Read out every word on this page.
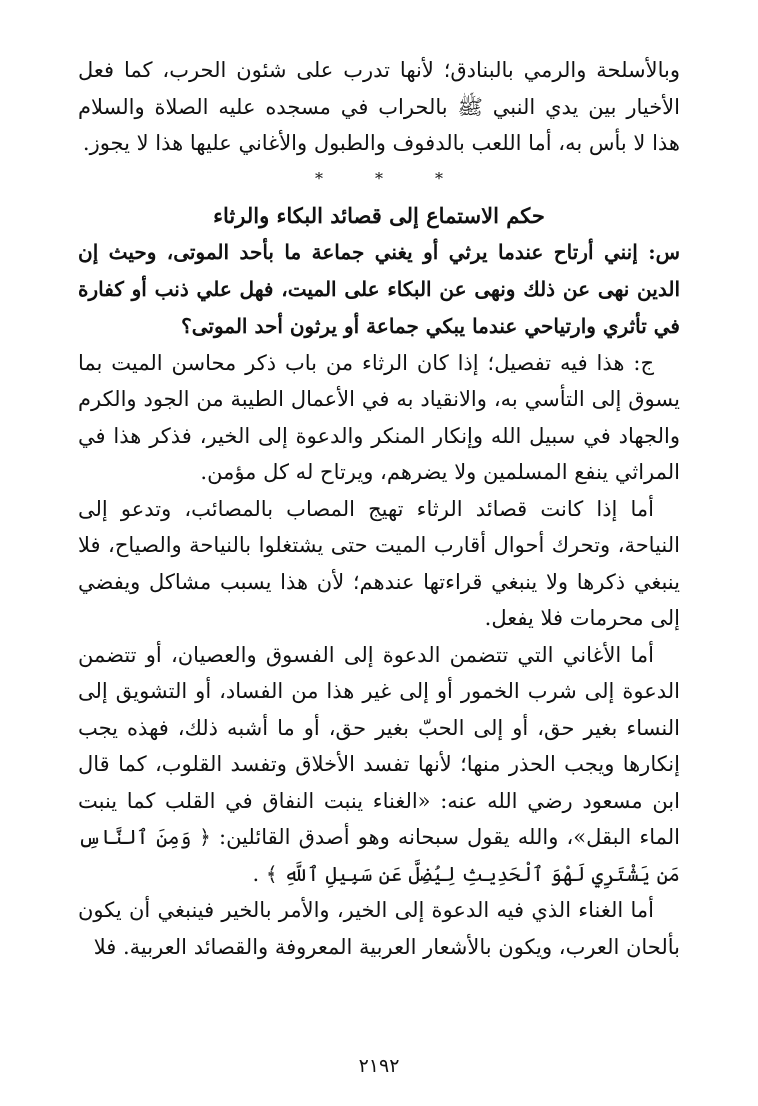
وبالأسلحة والرمي بالبنادق؛ لأنها تدرب على شئون الحرب، كما فعل الأخيار بين يدي النبي ﷺ بالحراب في مسجده عليه الصلاة والسلام هذا لا بأس به، أما اللعب بالدفوف والطبول والأغاني عليها هذا لا يجوز.

*	*	*
حكم الاستماع إلى قصائد البكاء والرثاء

س: إنني أرتاح عندما يرثي أو يغني جماعة ما بأحد الموتى، وحيث إن الدين نهى عن ذلك ونهى عن البكاء على الميت، فهل علي ذنب أو كفارة في تأثري وارتياحي عندما يبكي جماعة أو يرثون أحد الموتى؟

ج: هذا فيه تفصيل؛ إذا كان الرثاء من باب ذكر محاسن الميت بما يسوق إلى التأسي به، والانقياد به في الأعمال الطيبة من الجود والكرم والجهاد في سبيل الله وإنكار المنكر والدعوة إلى الخير، فذكر هذا في المراثي ينفع المسلمين ولا يضرهم، ويرتاح له كل مؤمن.

أما إذا كانت قصائد الرثاء تهيج المصاب بالمصائب، وتدعو إلى النياحة، وتحرك أحوال أقارب الميت حتى يشتغلوا بالنياحة والصياح، فلا ينبغي ذكرها ولا ينبغي قراءتها عندهم؛ لأن هذا يسبب مشاكل ويفضي إلى محرمات فلا يفعل.

أما الأغاني التي تتضمن الدعوة إلى الفسوق والعصيان، أو تتضمن الدعوة إلى شرب الخمور أو إلى غير هذا من الفساد، أو التشويق إلى النساء بغير حق، أو إلى الحبّ بغير حق، أو ما أشبه ذلك، فهذه يجب إنكارها ويجب الحذر منها؛ لأنها تفسد الأخلاق وتفسد القلوب، كما قال ابن مسعود رضي الله عنه: «الغناء ينبت النفاق في القلب كما ينبت الماء البقل»، والله يقول سبحانه وهو أصدق القائلين: ﴿ وَمِنَ ٱلنَّاسِ مَن يَشْتَرِي لَهْوَ ٱلْحَدِيثِ لِيُضِلَّ عَن سَبِيلِ ٱللَّهِ ﴾ .

أما الغناء الذي فيه الدعوة إلى الخير، والأمر بالخير فينبغي أن يكون بألحان العرب، ويكون بالأشعار العربية المعروفة والقصائد العربية. فلا

٢١٩٢
